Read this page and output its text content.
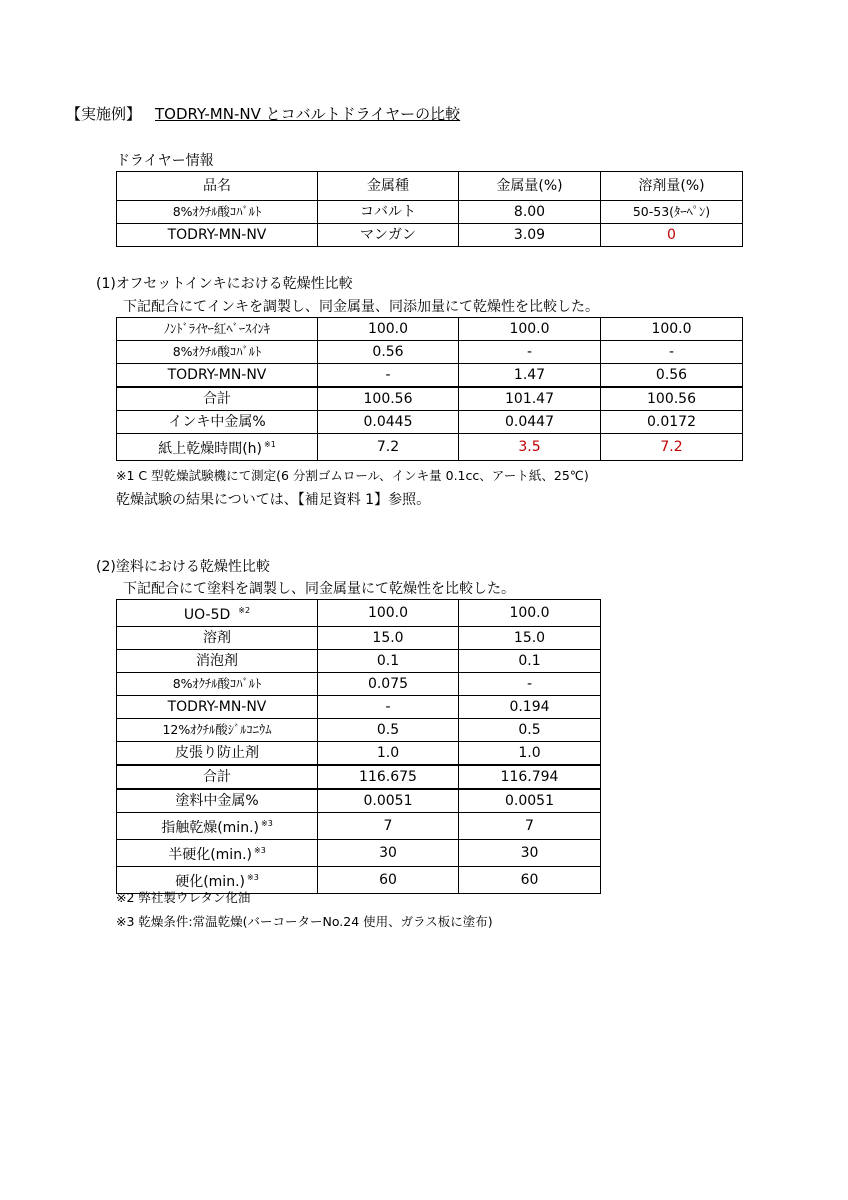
【実施例】 TODRY-MN-NV とコバルトドライヤーの比較
ドライヤー情報
品名	金属種	金属量(%)	溶剤量(%)
8%ｵｸﾁﾙ酸ｺﾊﾞﾙﾄ	コバルト	8.00	50-53(ﾀｰﾍﾟﾝ)
TODRY-MN-NV	マンガン	3.09	0
(1)オフセットインキにおける乾燥性比較
下記配合にてインキを調製し、同金属量、同添加量にて乾燥性を比較した。
ﾉﾝﾄﾞﾗｲﾔｰ紅ﾍﾞｰｽｲﾝｷ	100.0	100.0	100.0
8%ｵｸﾁﾙ酸ｺﾊﾞﾙﾄ	0.56	-	-
TODRY-MN-NV	-	1.47	0.56
合計	100.56	101.47	100.56
インキ中金属%	0.0445	0.0447	0.0172
紙上乾燥時間(h) $^{※1}$	7.2	3.5	7.2
※1 C 型乾燥試験機にて測定(6 分割ゴムロール、インキ量 0.1cc、アート紙、25℃)
乾燥試験の結果については、【補足資料 1】参照。
(2)塗料における乾燥性比較
下記配合にて塗料を調製し、同金属量にて乾燥性を比較した。
UO-5D $^{※2}$	100.0	100.0
溶剤	15.0	15.0
消泡剤	0.1	0.1
8%ｵｸﾁﾙ酸ｺﾊﾞﾙﾄ	0.075	-
TODRY-MN-NV	-	0.194
12%ｵｸﾁﾙ酸ｼﾞﾙｺﾆｳﾑ	0.5	0.5
皮張り防止剤	1.0	1.0
合計	116.675	116.794
塗料中金属%	0.0051	0.0051
指触乾燥(min.) $^{※3}$	7	7
半硬化(min.) $^{※3}$	30	30
硬化(min.) $^{※3}$	60	60
※2 弊社製ウレタン化油
※3 乾燥条件:常温乾燥(バーコーターNo.24 使用、ガラス板に塗布)
